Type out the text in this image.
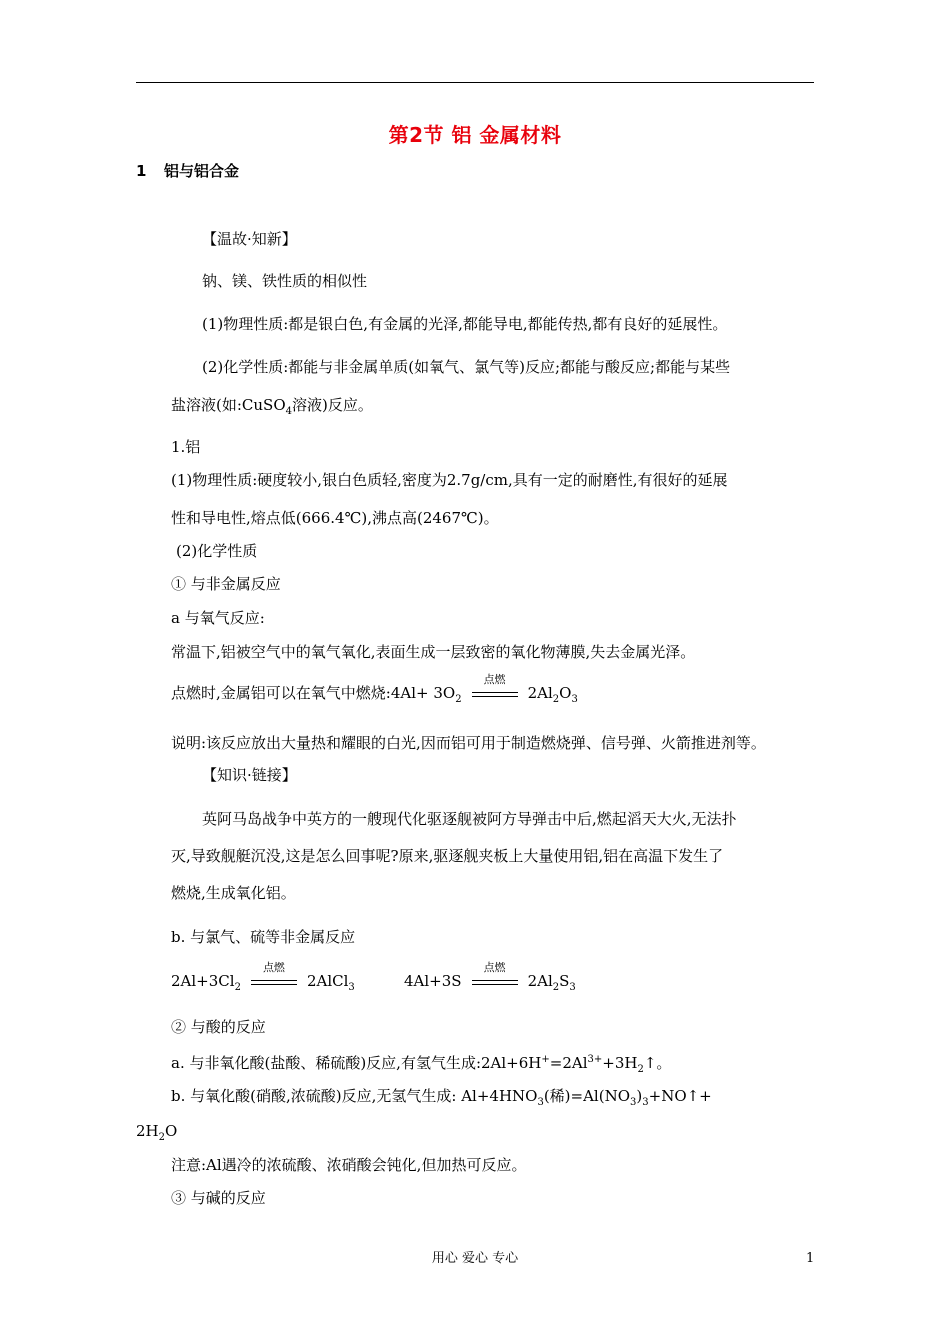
第2节 铝 金属材料
1 铝与铝合金
【温故·知新】
钠、镁、铁性质的相似性
(1)物理性质:都是银白色,有金属的光泽,都能导电,都能传热,都有良好的延展性。
(2)化学性质:都能与非金属单质(如氧气、氯气等)反应;都能与酸反应;都能与某些
盐溶液(如:CuSO$_4$溶液)反应。
1.铝
(1)物理性质:硬度较小,银白色质轻,密度为2.7g/cm,具有一定的耐磨性,有很好的延展
性和导电性,熔点低(666.4℃),沸点高(2467℃)。
(2)化学性质
① 与非金属反应
a 与氧气反应:
常温下,铝被空气中的氧气氧化,表面生成一层致密的氧化物薄膜,失去金属光泽。
点燃时,金属铝可以在氧气中燃烧:4Al+ $3O_2$
点燃
$2Al_2O_3$
说明:该反应放出大量热和耀眼的白光,因而铝可用于制造燃烧弹、信号弹、火箭推进剂等。
【知识·链接】
英阿马岛战争中英方的一艘现代化驱逐舰被阿方导弹击中后,燃起滔天大火,无法扑
灭,导致舰艇沉没,这是怎么回事呢?原来,驱逐舰夹板上大量使用铝,铝在高温下发生了
燃烧,生成氧化铝。
b. 与氯气、硫等非金属反应
$2Al+3Cl_2$
点燃
2AlCl$_3$	4Al+3S
点燃
$2Al_2S_3$
② 与酸的反应
a. 与非氧化酸(盐酸、稀硫酸)反应,有氢气生成$:2Al+6H^+=2Al^{3+}+3H_2↑$。
b. 与氧化酸(硝酸,浓硫酸)反应,无氢气生成: $Al+4HNO_3$(稀)$=Al(NO_3)_3+NO↑+$
$2H_2O$
注意:Al遇冷的浓硫酸、浓硝酸会钝化,但加热可反应。
③ 与碱的反应
用心 爱心 专心	1
